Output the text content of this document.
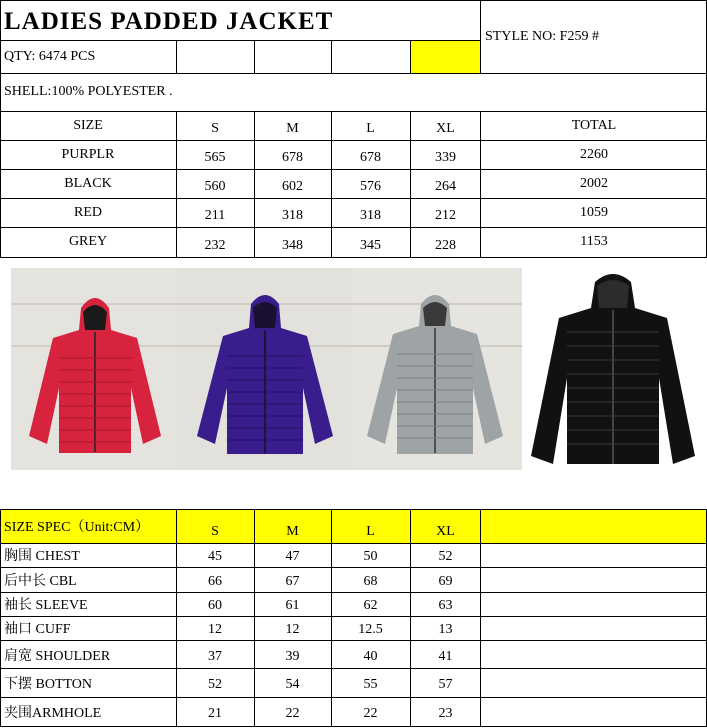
LADIES PADDED JACKET
STYLE NO: F259 #
QTY: 6474 PCS
SHELL:100% POLYESTER .
SIZE	S	M	L	XL	TOTAL
PURPLR	565	678	678	339	2260
BLACK	560	602	576	264	2002
RED	211	318	318	212	1059
GREY	232	348	345	228	1153
SIZE SPEC（Unit:CM）	S	M	L	XL
胸围 CHEST	45	47	50	52
后中长 CBL	66	67	68	69
袖长 SLEEVE	60	61	62	63
袖口 CUFF	12	12	12.5	13
肩宽 SHOULDER	37	39	40	41
下摆 BOTTON	52	54	55	57
夹围ARMHOLE	21	22	22	23
